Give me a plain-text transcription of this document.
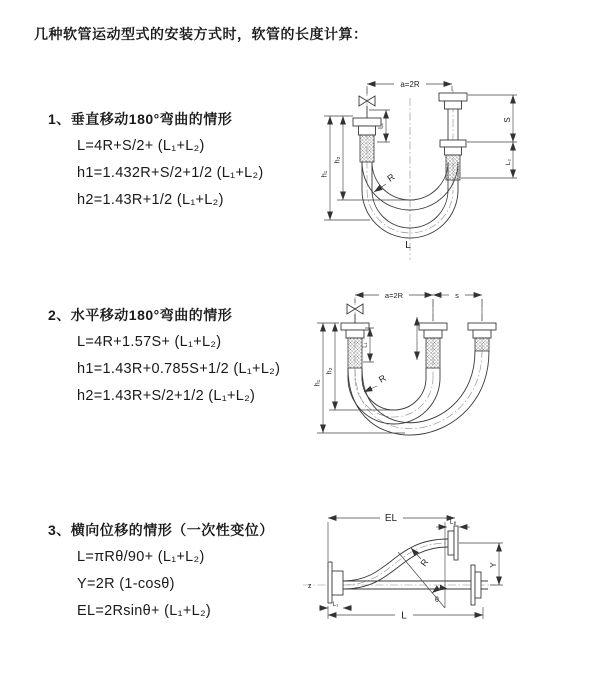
几种软管运动型式的安装方式时，软管的长度计算：
1、垂直移动180°弯曲的情形
L=4R+S/2+ (L₁+L₂)
h1=1.432R+S/2+1/2 (L₁+L₂)
h2=1.43R+1/2 (L₁+L₂)
2、水平移动180°弯曲的情形
L=4R+1.57S+ (L₁+L₂)
h1=1.43R+0.785S+1/2 (L₁+L₂)
h2=1.43R+S/2+1/2 (L₁+L₂)
3、横向位移的情形（一次性变位）
L=πRθ/90+ (L₁+L₂)
Y=2R (1-cosθ)
EL=2Rsinθ+ (L₁+L₂)
a=2R
h₁
h₂
L₁
S
L₂
R
L
a=2R	s
h₁
h₂
L₁
R
z
θ
EL	L₂
Y
L
L₁
R
